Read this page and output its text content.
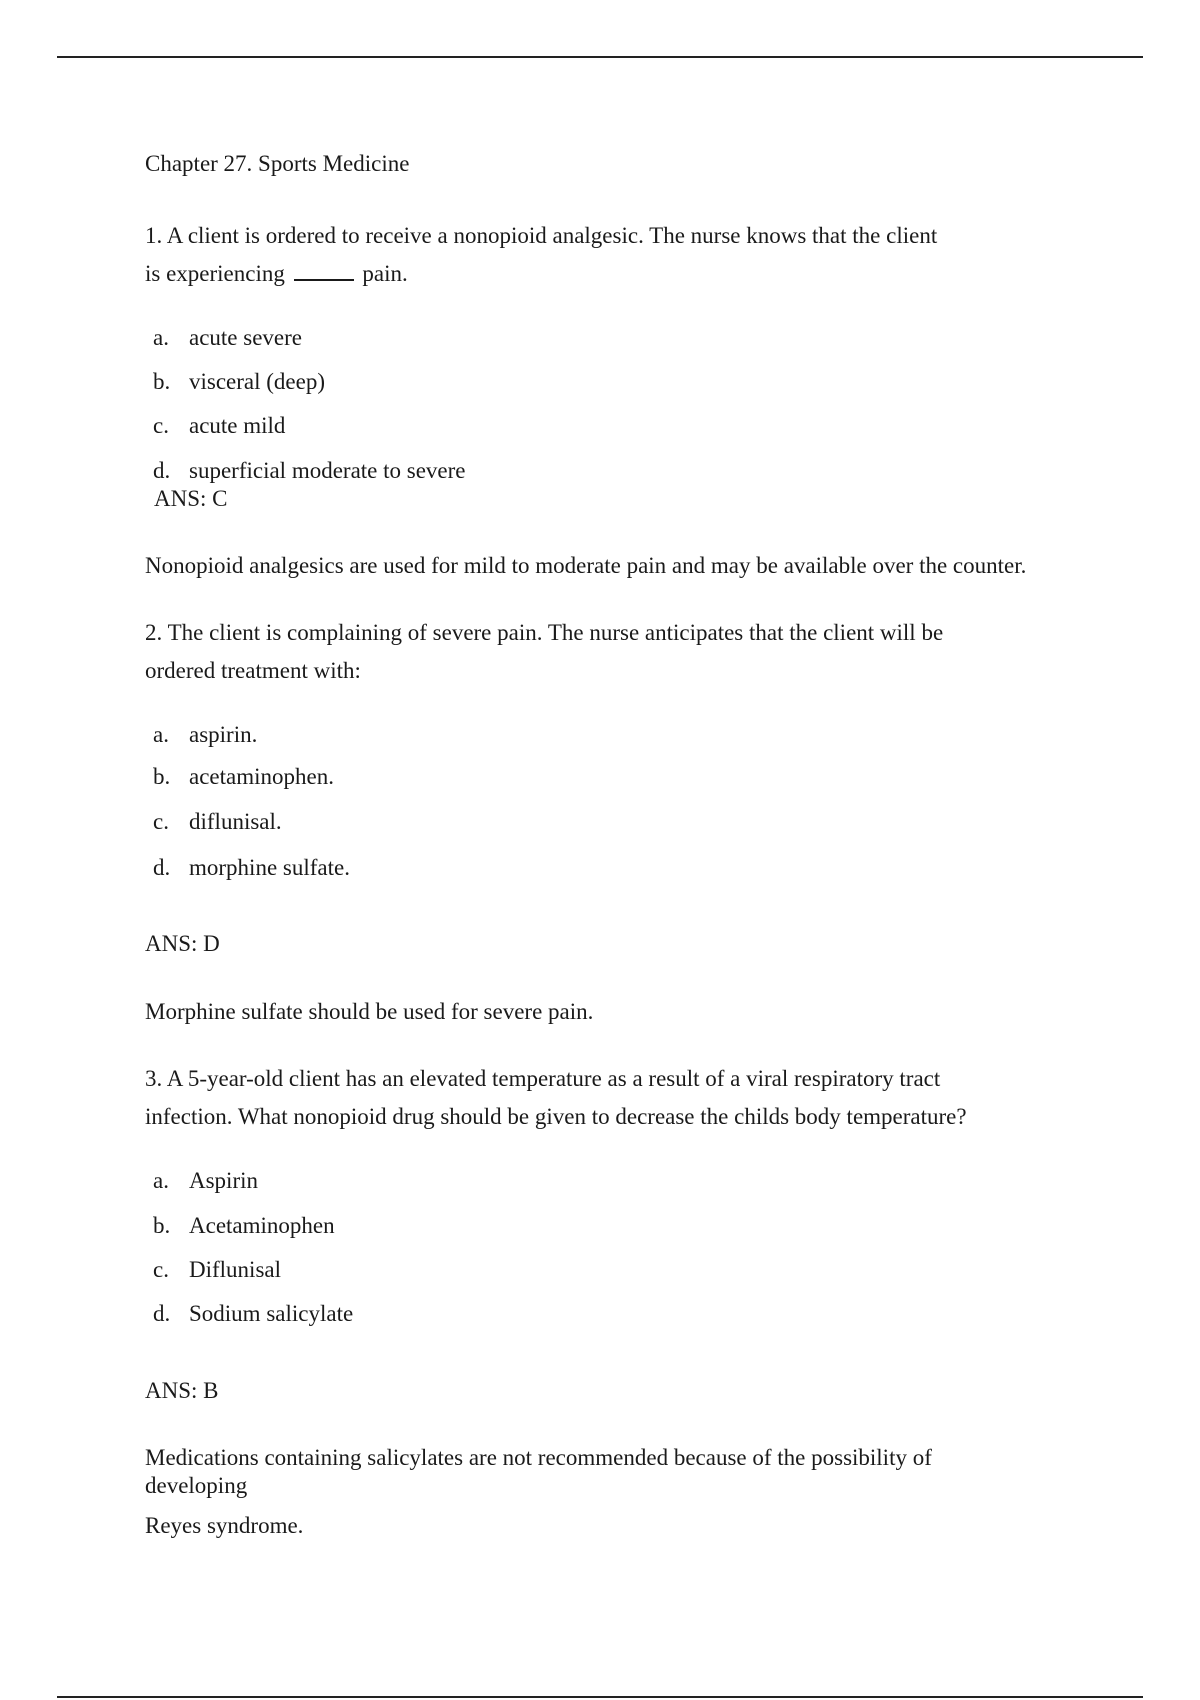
Chapter 27. Sports Medicine
1. A client is ordered to receive a nonopioid analgesic. The nurse knows that the client
is experiencing	pain.
a. acute severe
b. visceral (deep)
c. acute mild
d. superficial moderate to severe
ANS: C
Nonopioid analgesics are used for mild to moderate pain and may be available over the counter.
2. The client is complaining of severe pain. The nurse anticipates that the client will be
ordered treatment with:
a. aspirin.
b. acetaminophen.
c. diflunisal.
d. morphine sulfate.
ANS: D
Morphine sulfate should be used for severe pain.
3. A 5-year-old client has an elevated temperature as a result of a viral respiratory tract
infection. What nonopioid drug should be given to decrease the childs body temperature?
a. Aspirin
b. Acetaminophen
c. Diflunisal
d. Sodium salicylate
ANS: B
Medications containing salicylates are not recommended because of the possibility of
developing
Reyes syndrome.
